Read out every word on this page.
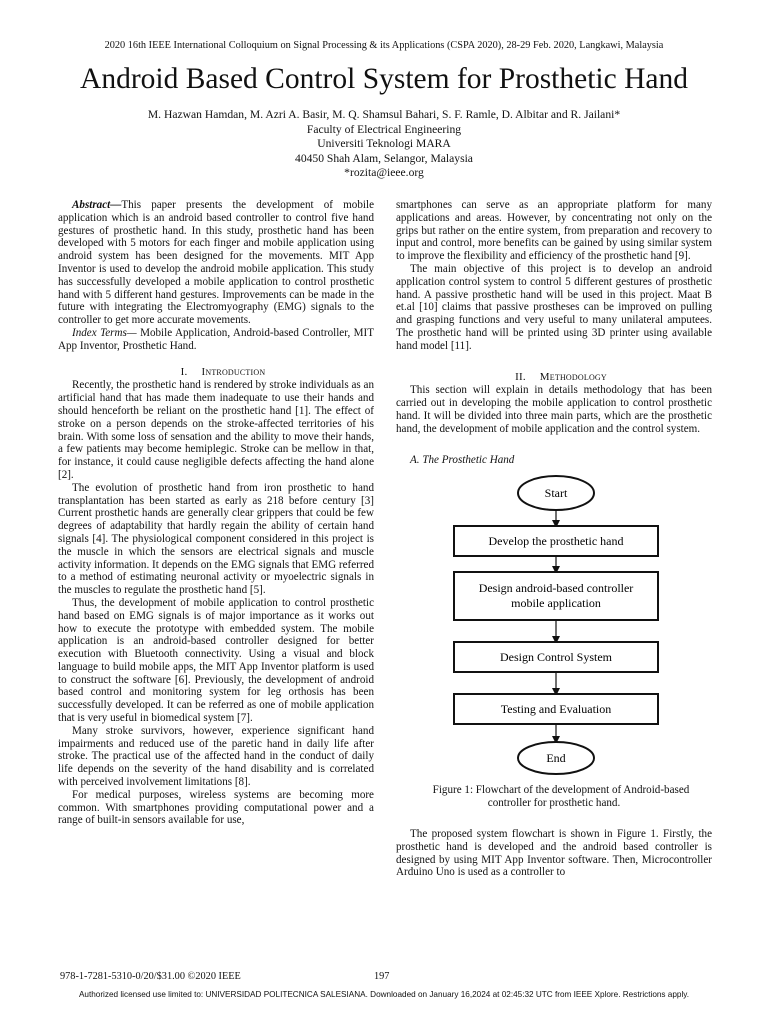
2020 16th IEEE International Colloquium on Signal Processing & its Applications (CSPA 2020), 28-29 Feb. 2020, Langkawi, Malaysia
Android Based Control System for Prosthetic Hand
M. Hazwan Hamdan, M. Azri A. Basir, M. Q. Shamsul Bahari, S. F. Ramle, D. Albitar and R. Jailani*
Faculty of Electrical Engineering
Universiti Teknologi MARA
40450 Shah Alam, Selangor, Malaysia
*rozita@ieee.org

Abstract—This paper presents the development of mobile application which is an android based controller to control five hand gestures of prosthetic hand. In this study, prosthetic hand has been developed with 5 motors for each finger and mobile application using android system has been designed for the movements. MIT App Inventor is used to develop the android mobile application. This study has successfully developed a mobile application to control prosthetic hand with 5 different hand gestures. Improvements can be made in the future with integrating the Electromyography (EMG) signals to the controller to get more accurate movements.

Index Terms— Mobile Application, Android-based Controller, MIT App Inventor, Prosthetic Hand.

I. Introduction

Recently, the prosthetic hand is rendered by stroke individuals as an artificial hand that has made them inadequate to use their hands and should henceforth be reliant on the prosthetic hand [1]. The effect of stroke on a person depends on the stroke-affected territories of his brain. With some loss of sensation and the ability to move their hands, a few patients may become hemiplegic. Stroke can be mellow in that, for instance, it could cause negligible defects affecting the hand alone [2].

The evolution of prosthetic hand from iron prosthetic to hand transplantation has been started as early as 218 before century [3] Current prosthetic hands are generally clear grippers that could be few degrees of adaptability that hardly regain the ability of certain hand signals [4]. The physiological component considered in this project is the muscle in which the sensors are electrical signals and muscle activity information. It depends on the EMG signals that EMG referred to a method of estimating neuronal activity or myoelectric signals in the muscles to regulate the prosthetic hand [5].

Thus, the development of mobile application to control prosthetic hand based on EMG signals is of major importance as it works out how to execute the prototype with embedded system. The mobile application is an android-based controller designed for better execution with Bluetooth connectivity. Using a visual and block language to build mobile apps, the MIT App Inventor platform is used to construct the software [6]. Previously, the development of android based control and monitoring system for leg orthosis has been successfully developed. It can be referred as one of mobile application that is very useful in biomedical system [7].

Many stroke survivors, however, experience significant hand impairments and reduced use of the paretic hand in daily life after stroke. The practical use of the affected hand in the conduct of daily life depends on the severity of the hand disability and is correlated with perceived involvement limitations [8].

For medical purposes, wireless systems are becoming more common. With smartphones providing computational power and a range of built-in sensors available for use,

smartphones can serve as an appropriate platform for many applications and areas. However, by concentrating not only on the grips but rather on the entire system, from preparation and recovery to input and control, more benefits can be gained by using similar system to improve the flexibility and efficiency of the prosthetic hand [9].

The main objective of this project is to develop an android application control system to control 5 different gestures of prosthetic hand. A passive prosthetic hand will be used in this project. Maat B et.al [10] claims that passive prostheses can be improved on pulling and grasping functions and very useful to many unilateral amputees. The prosthetic hand will be printed using 3D printer using available hand model [11].

II. Methodology

This section will explain in details methodology that has been carried out in developing the mobile application to control prosthetic hand. It will be divided into three main parts, which are the prosthetic hand, the development of mobile application and the control system.

A. The Prosthetic Hand

Start
Develop the prosthetic hand
Design android-based controller
mobile application
Design Control System
Testing and Evaluation
End

Figure 1: Flowchart of the development of Android-based
controller for prosthetic hand.

The proposed system flowchart is shown in Figure 1. Firstly, the prosthetic hand is developed and the android based controller is designed by using MIT App Inventor software. Then, Microcontroller Arduino Uno is used as a controller to

978-1-7281-5310-0/20/$31.00 ©2020 IEEE	197
Authorized licensed use limited to: UNIVERSIDAD POLITECNICA SALESIANA. Downloaded on January 16,2024 at 02:45:32 UTC from IEEE Xplore. Restrictions apply.
